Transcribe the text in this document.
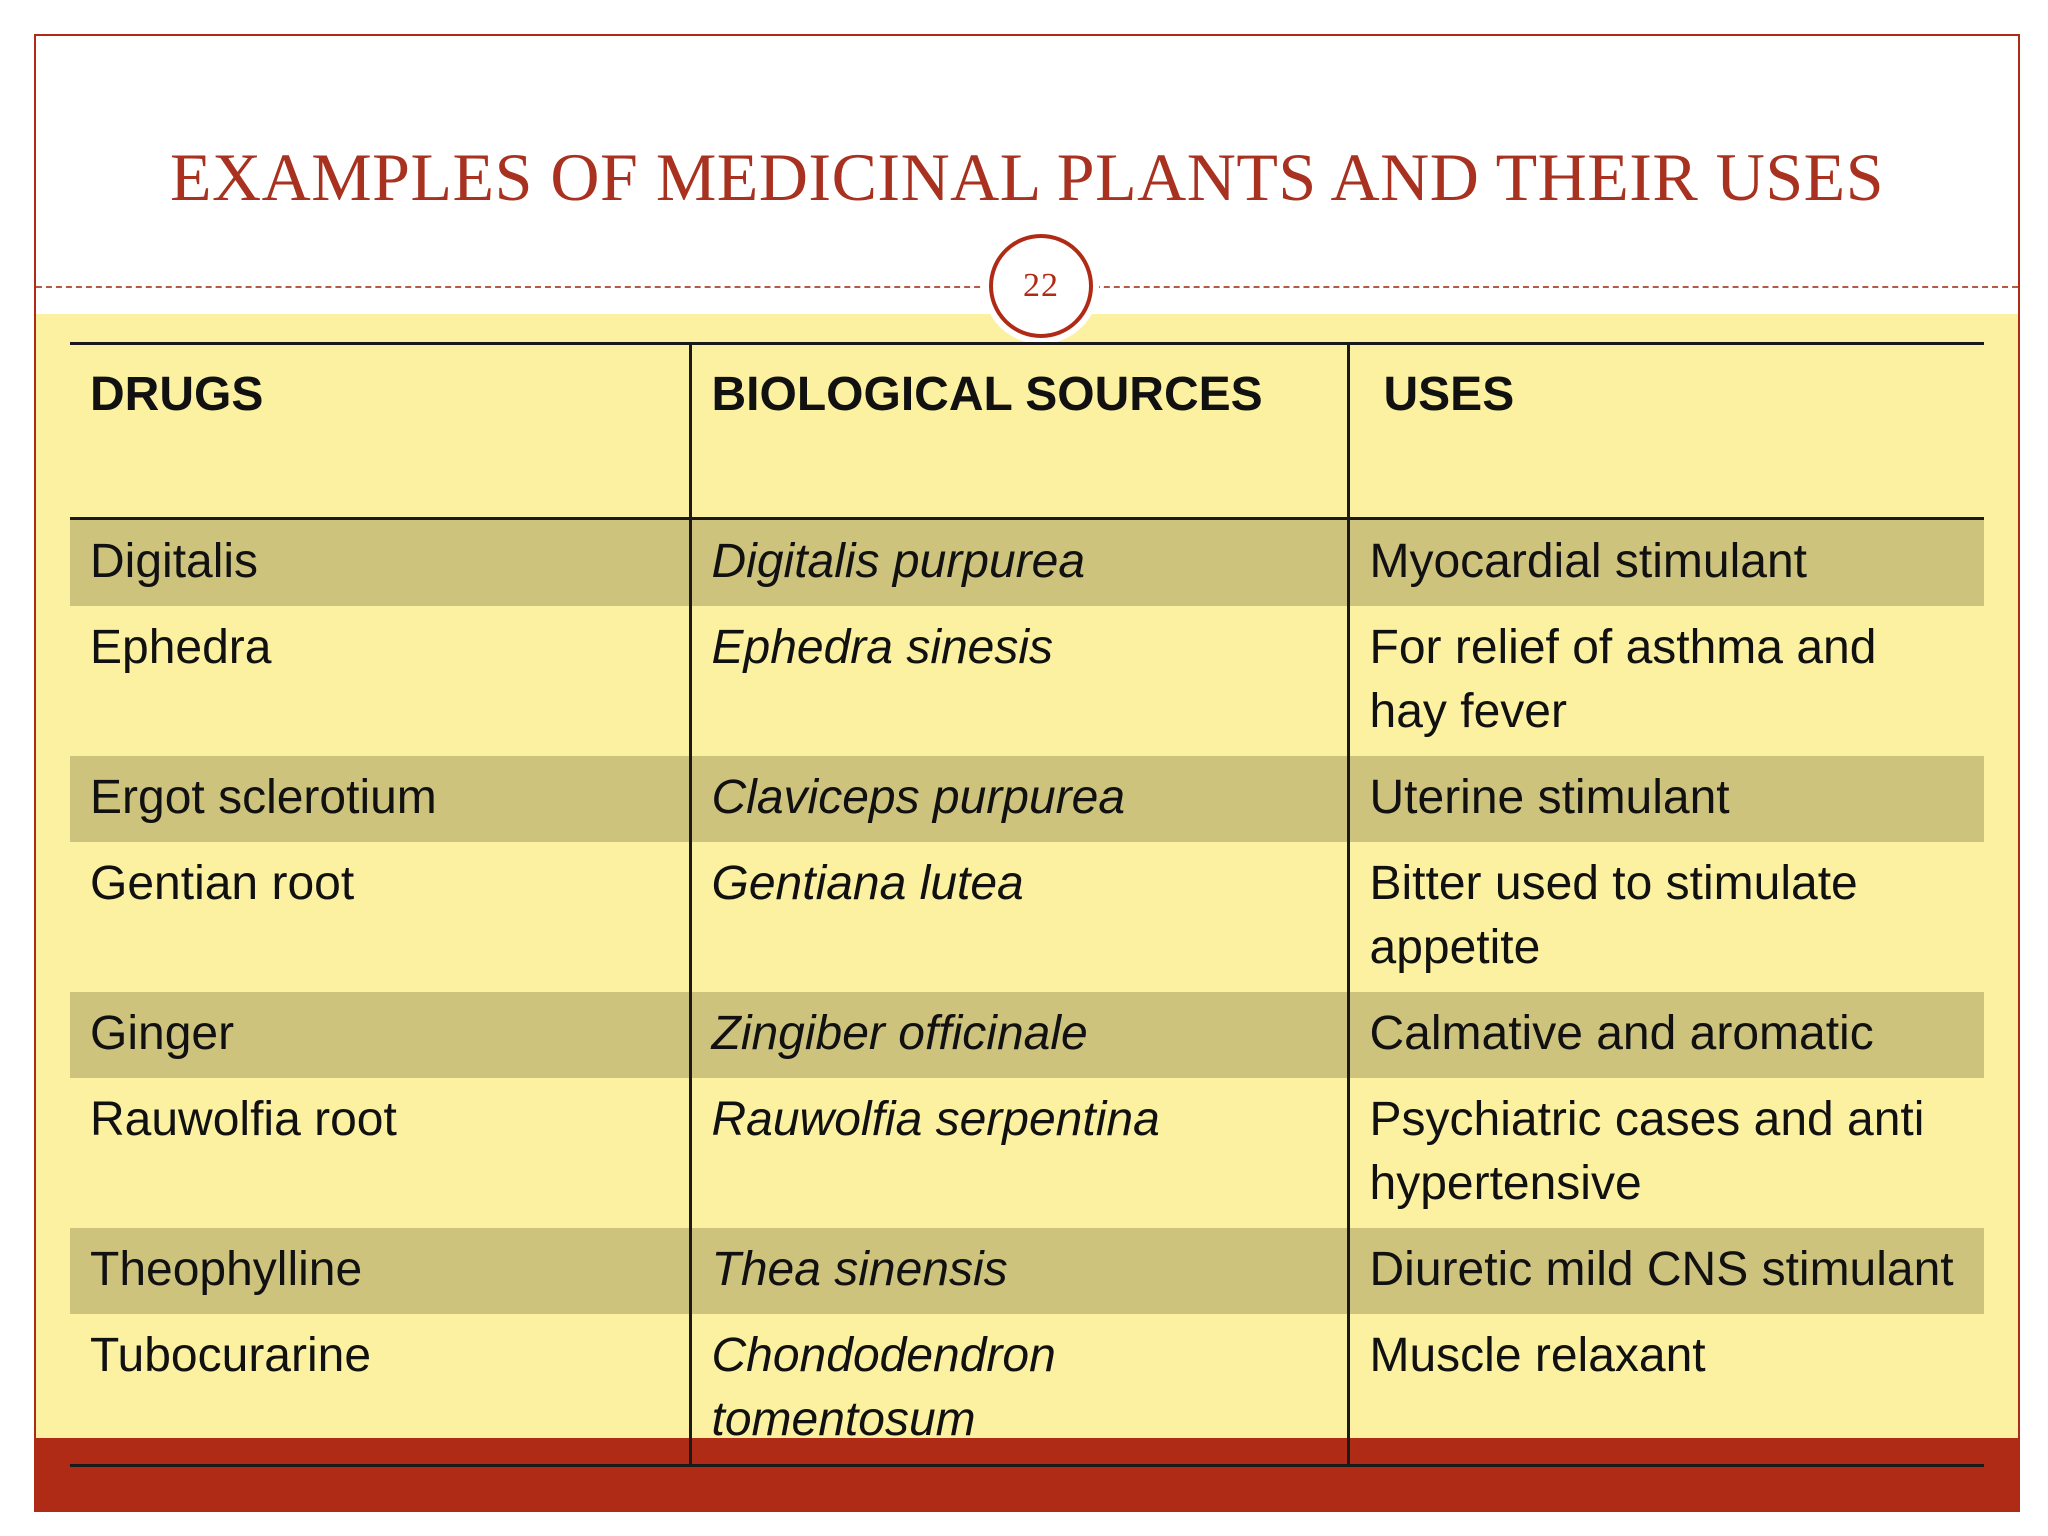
EXAMPLES OF MEDICINAL PLANTS AND THEIR USES
22
DRUGS	BIOLOGICAL SOURCES	USES
Digitalis	Digitalis purpurea	Myocardial stimulant
Ephedra	Ephedra sinesis	For relief of asthma and hay fever
Ergot sclerotium	Claviceps purpurea	Uterine stimulant
Gentian root	Gentiana lutea	Bitter used to stimulate appetite
Ginger	Zingiber officinale	Calmative and aromatic
Rauwolfia root	Rauwolfia serpentina	Psychiatric cases and anti hypertensive
Theophylline	Thea sinensis	Diuretic mild CNS stimulant
Tubocurarine	Chondodendron tomentosum	Muscle relaxant
